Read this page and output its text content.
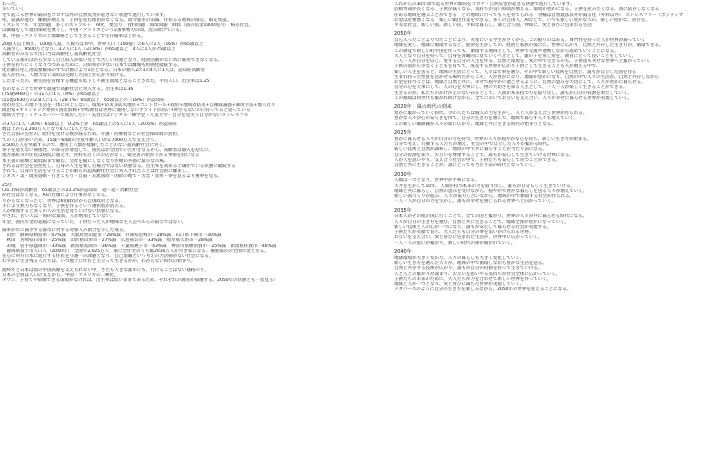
わった。
歩いていく
宅で起こる世界の隔向をコロナ以外の自然災害が起きない状態で進行しています。
化、超減が進む　離婚が増える　子供を産む理由がなくなる。政令都市の消滅、住めるる地域の限定、限定集落。
トスレスフル　年金問題　多くのストラルト　AI化　要会り　食料問題　環境問題　財政（国の借金1000兆円）　格差社会。
は御縁をして適切保続を無くし、中国・アメリカという2番事勢力の間、沈み続けている。
本、中国・アメリカの土地価格として生きることで生存確率は上がる。
20億人以上増え、100億人超。人数力は米中、世界人口（100億）の6人に1人（16%）が65歳以上
人減少し、9500万となり、3.7人に1人（37.8%）が65歳以上　4人に1人が75歳以上
高齢者のみならず出口当は高齢化し超高齢化社会
している都市はから少なく自立収入が低いなどで苦しい状態となり、経済活動がない為に雇用できなくなる。
子供を持ちにくくなりつつあるために、日結率が少ない日本では離婚も恒例化破綻する。
化が顕在化し国需要解部のすで計画により1位となる。日本の婚人2の1の4人に1人は、認知症高齢者
超人が住み、人数力ない業時は売際した国土が広がり続ける。
したなったの。衛生面を管理する機能も低下し不衛生環境となることされた。平均人口、出生率は1.25
名のなることで世界で最速で高齢社会に突入する。出生率は1.36
(75歳9469万）の11人に1人（9%）が65歳以上
は1億2630万の2.8人に1人（28.7%）65歳以上　65歳以上の（18%）が認知症
帯がが会しの地下生活を一体に向上しない。環境+防災等防災地区+コントロール+政府+地域者防災+自衛隊議都+制度手法+地人社々
政治家+オリンピック委員+国民新興+学校教育は世界に通用しないブライドが高い+伸びるないのに持ってると思っている
地域大学生・ミチュエーバーで成功したい・美容目はデジタル一棟学金・人気大学・自分を見失う自分がないストレスフル
の3人に1人（30%）65歳以上　0.2%上昇　65歳以上の5人に1人（20.6%）が認知症
数は上がら2,200万人となり4人に1人となる。
さた自国の会社の、給付を受ける数が減るため、介護・医療費などの社会保障費の負担。
ての人口が多いため、15歳〜64歳の生産年齢人口が1.7000万人で支え合う。
3,500万人を突破するので、歴史上人類が経験したことのない超高齢社会に突く、
零下を迎えない関係性、の部分が衰退して、国民はが全国でいたがきなるから、高齢者は個入を迎えに、
地方都町市の住民は病院に通えず、食料も近くのお店がなく、販売者の給が下がる事情を持になる
本主義の崩壊と最低限まで縮む。会社を縮にしなくなり医療の共感に最小な市場、
されるは社会を活性化し、自身の人生を楽しむ場合ではない状態なる。出生率を高める土壌がでいる状態に破綻する
されて、自身の生活を守りることが限られ超高齢化社会に突入されたことは社会的に嫌まし、
ジネス・業・現実道網・行きこもり・自殺・友派国際・国際の地で・苦恋・変率・零を見るより視界を見る。
25年
(31.1%)が高齢者　65歳以上の23.2%が認知症　超・超・高齢社会
が社会はなくなる。AIの台頭により仕事がなくなる。
りからなくなったと、世界は相国政府から自国政府となる。
手により無力もなくなり、子供を作るという選択肢が消える。
人が増加すると多くの人の生活を見ていけない状態になる。
やされ、若い人は一時的な最高、人が増加していない、
年金、国民年金が超越になっていた、子供だった人が地味な主人公ペルらの取引ではない。
減率が年に減少する都市に対する対象人の割合を示した成る。
　山形　静岡県柄島率一47%減　大阪府豊田能市一28%減　兵庫県尼崎市一28%減　山口県下関市一30%減
　秋田　宮崎県日南市一25%減　山形県山形市一27%減　広島県呉市一33%減　岐阜県大垣市一28%減
　あ城　岩手県盛岡市一33%減　新潟県長岡市一36%減　千葉県銚子市一43%減　神奈川県横須賀市一25%減　新潟県佐渡市一46%減
　静岡県富士市人口人（2040年）　全国で2,025万人　東に全住宅のうち総2016万人が空き家になる。後重都市の全国年金となる。
を心に何方日本に進行する住民を守護一の課題となり、自己退職という考えの力活動がない社会になる。
わずかに生き残る人たちは、いつ地上に住むと主立って生きるかが、わからない時代の始まり。
最終年と日本は国の中国高額を支えられない中、さたも大きな都市にも、行けることはない通路のり、
日本の全員は人口の支えから、中国・アメリカの二極化。
タウン、子育てや結婚できる環境がなければ、出生率は低いままであるため、それぞれの教育が崩壊する。2050年の状態とも一変見る！
これからの30年間で起る世界の傾向をコロナ・自然災害が起きる状態で進行しています。
活動寿命が長くなる、子供が減くなる、気持ちが良い時間が増える、環境が豊かになる、子供を産みたくなる、国に依存しなくなる
住める地域を選ぶことができる　どの地域に行っても人を育てられる　食糧は自然農法以外が減る化（外料以外）　ストレスフリー（ポジティブ
お金は必要無くなる　楽しい劇出作業をできる、多くの自由人、AIなどで、いつも楽しい豊かな人の、楽しい豊かな、喜びを、
平等な社会、新しい国、新しい民、平和な暮らし、通じ合う国、仲間に、愛と喜びに包まれる生活
2050年
自ら入ったことよりつたことにより、火星にいる学生がさくから、この限りのはある、専門性を持った人が世界が通っていく
地球を愛し、地球に循環するなど、経済を生かしての、経済と家族の都合に、世界に広がり、自然と共存した生き方が、循環できる。
この感覚で新しい町や国を作っても、循環する地域として、世界で交流や連携しながら進めていくことになる。
大人となり自分を持って、自身を客観的に見ていくべきとして、親の子を愛し愛を、教育にとって良いことをしていく。
一人一人が自分を信じ、愛する自分の人生を作る、自然と環境を、愛の中で生きるのも、子供達も幸せな世界へと繋がっていく
子供の国から少なく子どもを育てて、成長する世界が広がり子供として生きることも人が増える中で、
楽しい人生を送ると、地域の生活にとって、人々は仕事を選び、その中で新しい技術を自然と、誰もが自立した国を作る
生まれ持った性質を活かせる場所だからこそ、人が豊かになり、地球が豊かになり、自然の中で人々の生活が、自然と共存しながら
お金を持つことは、地球と自然と共に、幸せで穏やかに過ごせるように、自然の恵みを大切にして、人々が豊かに暮らせる。
自分の心を大事にして、人の心を大事にし、物の大切さを知る人生として、一人一人が楽しく生きることができる。
生きるのが、私たちのかけがえのない存在として、人間が本来持つ力を取り戻し、誰もが自分の役割を果たしていく。
この循環は何世代も繋がれ続けながら、全てにおいてお互いを支え合い、人々が幸せに暮らせる世界が実現していく。
2020年　風の時代の到来
豊かに繋がっていく時代、今の人たちは個人の力を生かし、人と人が支え合う世界が作られる。
豊かな人々が心の安らぎを得て、自分の生き方を選んで、地域で暮らす人々も増えていく。
この新しい価値観が人々の間に広がり、地球と共に生きる時代の始まりとなる。
2025年
豊かに暮らせる人々が自分の力を持つ、世界の人々が穏やかな心を持ち、新しい生き方が始まる。
自分で考え、行動する人たちが増え、社会の中で自立した人々が繋がる時代。
新しい技術と自然が調和し、地域の中で共に暮らすことが当たり前になる。
自分の役割を知り、お互いを尊重することで、誰もが安心して生きていける世界になる。
人が人を思いやり、支え合う社会の中で、子供たちも安心して育つことができる。
自然と共に生きることが、誰にとっても当たり前の時代となっていく。
2030年
人類は一つとなり、世界中が平和になる。
天才を生かして10年、人間が持つ本来の力を取り戻し、誰もが自分らしく生きていける。
地球と共に暮らし、自然の恵みを受けながら、穏やかで豊かな暮らしを送る人々が増えていく。
新しい国づくりが進み、人々が協力し合いながら、地域の中で循環する社会が作られる。
一人一人が自分の力を生かし、誰もが幸せを感じられる世界へと向かっていく。
2035年
日本人がその他の国に行くことで、全ての国と繋がり、世界の人々が共に暮らせる時代になる。
人々が自分の生き方を選び、自然と共に生きることで、地球全体が豊かになっていく。
新しい技術と人の心が一つになり、誰もが安心して暮らせる社会が実現する。
子供たちが笑顔で育ち、大人たちも自分の夢を追いかけられる世界。
お互いを支え合い、愛と喜びに包まれた生活が、世界中に広がっていく。
一人一人の思いが繋がり、新しい時代の扉が開かれていく。
2040年
地球環境が大きく変わり、人々の暮らしも大きく変化していく。
新しい生き方を選んだ人々が、地域の中で循環しながら豊かな生活を送る。
自然と共存する技術が広がり、誰もが自分の役割を持って生きていける。
人と人との繋がりが深まり、お互いを思いやる気持ちが社会全体に広がっていく。
子供たちの未来のために、大人たちが力を合わせて新しい世界を作っていく。
地球と人が一つとなり、愛と喜びに満ちた世界が実現していく。
メタバースのように自分の生き方を楽しみながら、2050年の世界を迎えることになる。
